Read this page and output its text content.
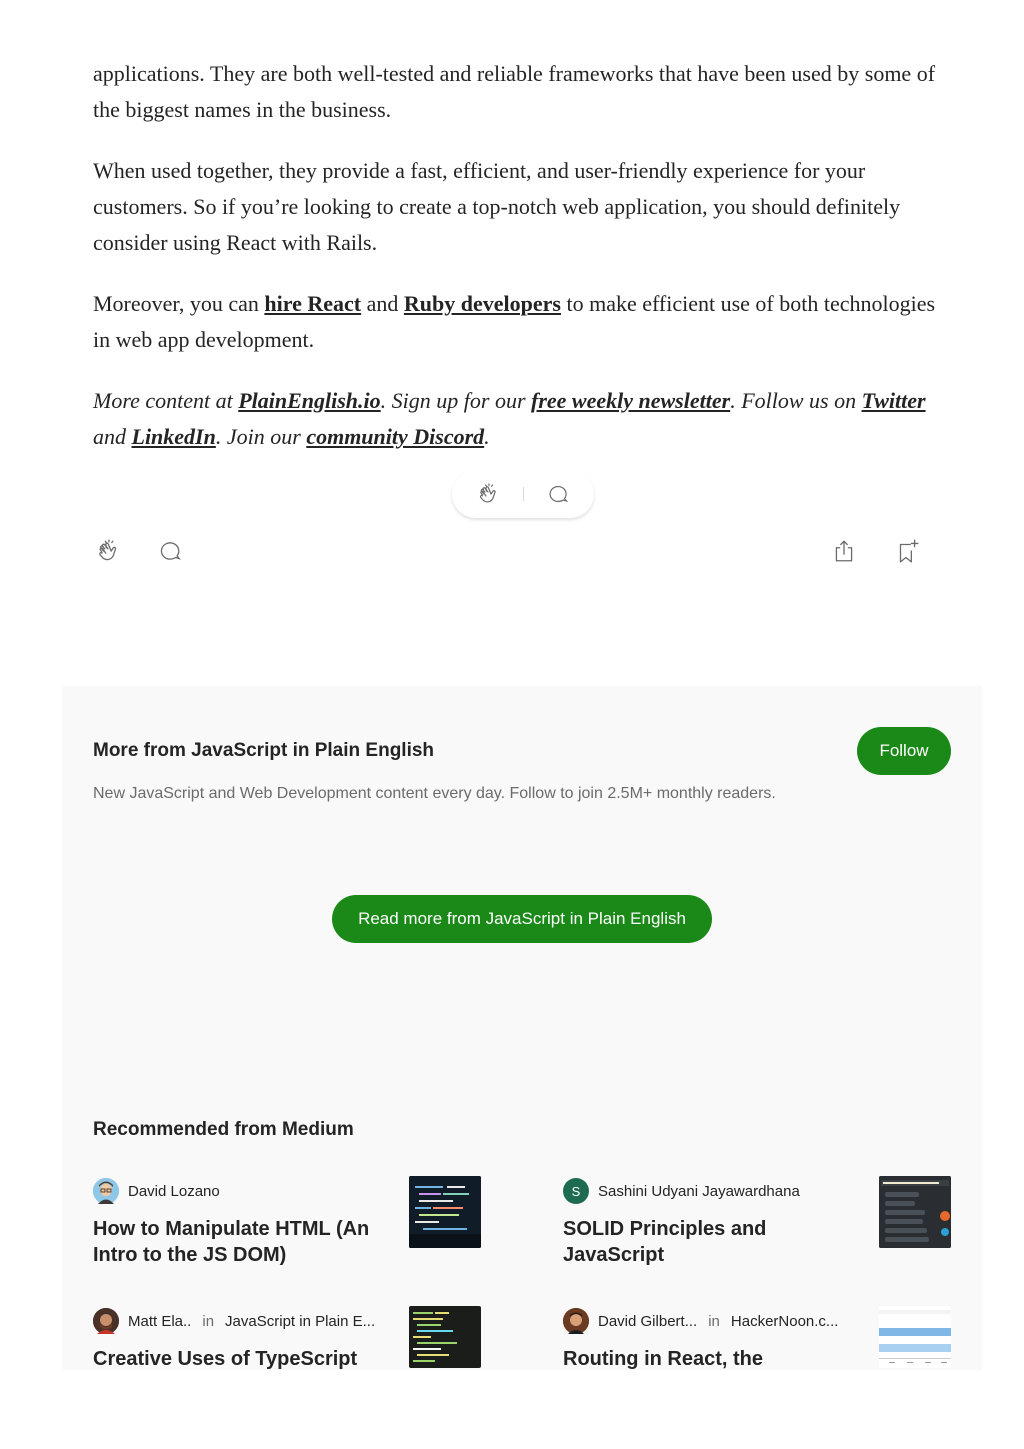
applications. They are both well-tested and reliable frameworks that have been used by some of the biggest names in the business.

When used together, they provide a fast, efficient, and user-friendly experience for your customers. So if you’re looking to create a top-notch web application, you should definitely consider using React with Rails.

Moreover, you can hire React and Ruby developers to make efficient use of both technologies in web app development.

More content at PlainEnglish.io. Sign up for our free weekly newsletter. Follow us on Twitter and LinkedIn. Join our community Discord.

More from JavaScript in Plain English	Follow
New JavaScript and Web Development content every day. Follow to join 2.5M+ monthly readers.
Read more from JavaScript in Plain English
Recommended from Medium
David Lozano
How to Manipulate HTML (An Intro to the JS DOM)
S	Sashini Udyani Jayawardhana
SOLID Principles and JavaScript
Matt Ela.. in JavaScript in Plain E...
Creative Uses of TypeScript
David Gilbert... in HackerNoon.c...
Routing in React, the
